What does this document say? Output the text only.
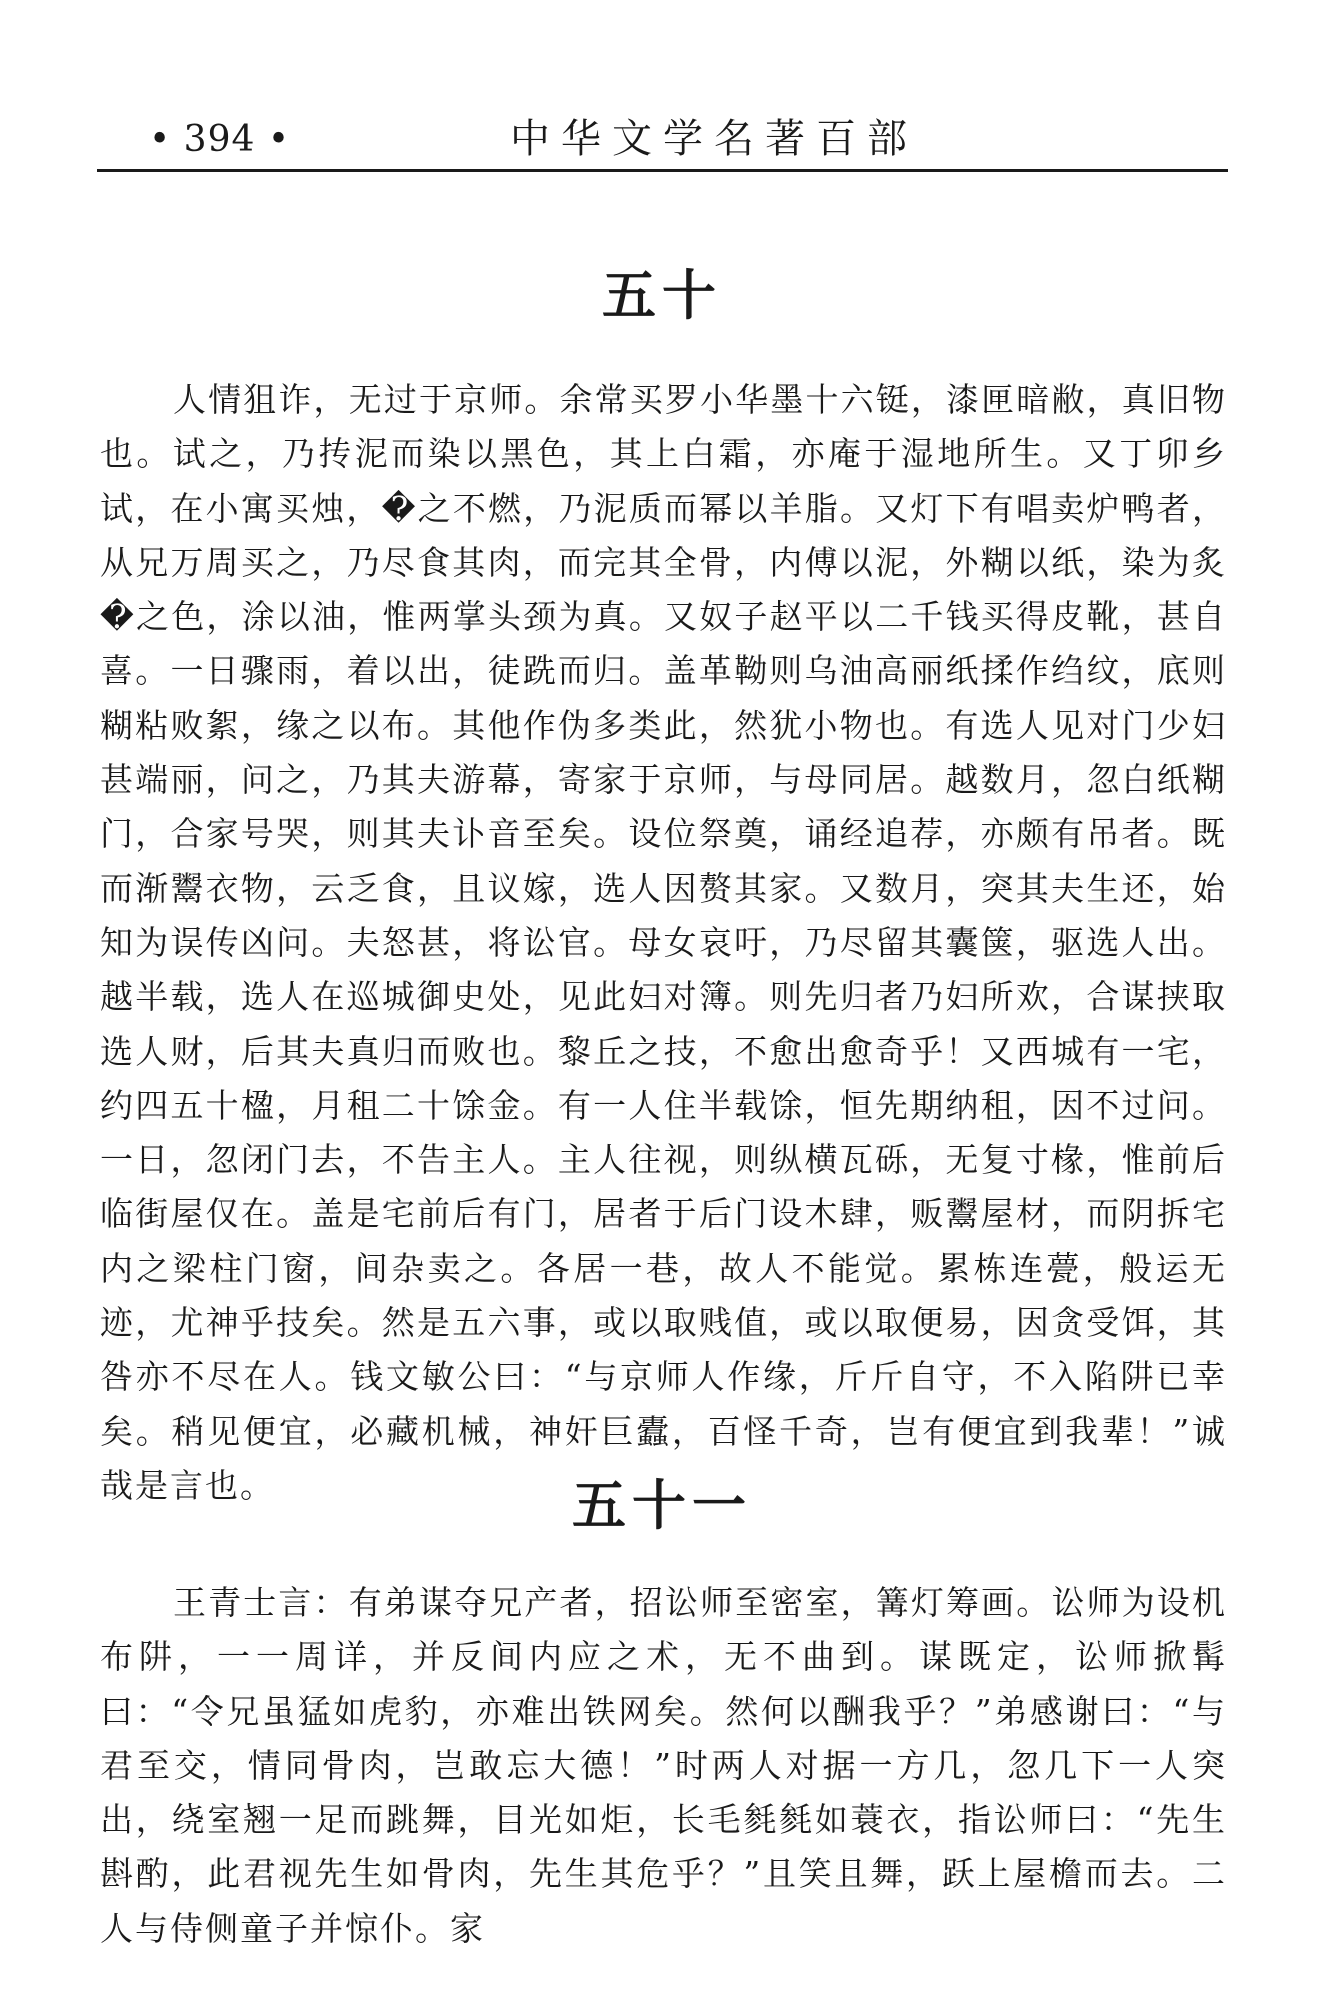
• 394 •	中华文学名著百部
五十

人情狙诈，无过于京师。余常买罗小华墨十六铤，漆匣暗敝，真旧物也。试之，乃抟泥而染以黑色，其上白霜，亦庵于湿地所生。又丁卯乡试，在小寓买烛，�之不燃，乃泥质而幂以羊脂。又灯下有唱卖炉鸭者，从兄万周买之，乃尽食其肉，而完其全骨，内傅以泥，外糊以纸，染为炙�之色，涂以油，惟两掌头颈为真。又奴子赵平以二千钱买得皮靴，甚自喜。一日骤雨，着以出，徒跣而归。盖革靿则乌油高丽纸揉作绉纹，底则糊粘败絮，缘之以布。其他作伪多类此，然犹小物也。有选人见对门少妇甚端丽，问之，乃其夫游幕，寄家于京师，与母同居。越数月，忽白纸糊门，合家号哭，则其夫讣音至矣。设位祭奠，诵经追荐，亦颇有吊者。既而渐鬻衣物，云乏食，且议嫁，选人因赘其家。又数月，突其夫生还，始知为误传凶问。夫怒甚，将讼官。母女哀吁，乃尽留其囊箧，驱选人出。越半载，选人在巡城御史处，见此妇对簿。则先归者乃妇所欢，合谋挟取选人财，后其夫真归而败也。黎丘之技，不愈出愈奇乎！又西城有一宅，约四五十楹，月租二十馀金。有一人住半载馀，恒先期纳租，因不过问。一日，忽闭门去，不告主人。主人往视，则纵横瓦砾，无复寸椽，惟前后临街屋仅在。盖是宅前后有门，居者于后门设木肆，贩鬻屋材，而阴拆宅内之梁柱门窗，间杂卖之。各居一巷，故人不能觉。累栋连甍，般运无迹，尤神乎技矣。然是五六事，或以取贱值，或以取便易，因贪受饵，其咎亦不尽在人。钱文敏公曰：“与京师人作缘，斤斤自守，不入陷阱已幸矣。稍见便宜，必藏机械，神奸巨蠹，百怪千奇，岂有便宜到我辈！”诚哉是言也。	五十一

王青士言：有弟谋夺兄产者，招讼师至密室，篝灯筹画。讼师为设机布阱，一一周详，并反间内应之术，无不曲到。谋既定，讼师掀髯曰：“令兄虽猛如虎豹，亦难出铁网矣。然何以酬我乎？”弟感谢曰：“与君至交，情同骨肉，岂敢忘大德！”时两人对据一方几，忽几下一人突出，绕室翘一足而跳舞，目光如炬，长毛毵毵如蓑衣，指讼师曰：“先生斟酌，此君视先生如骨肉，先生其危乎？”且笑且舞，跃上屋檐而去。二人与侍侧童子并惊仆。家
